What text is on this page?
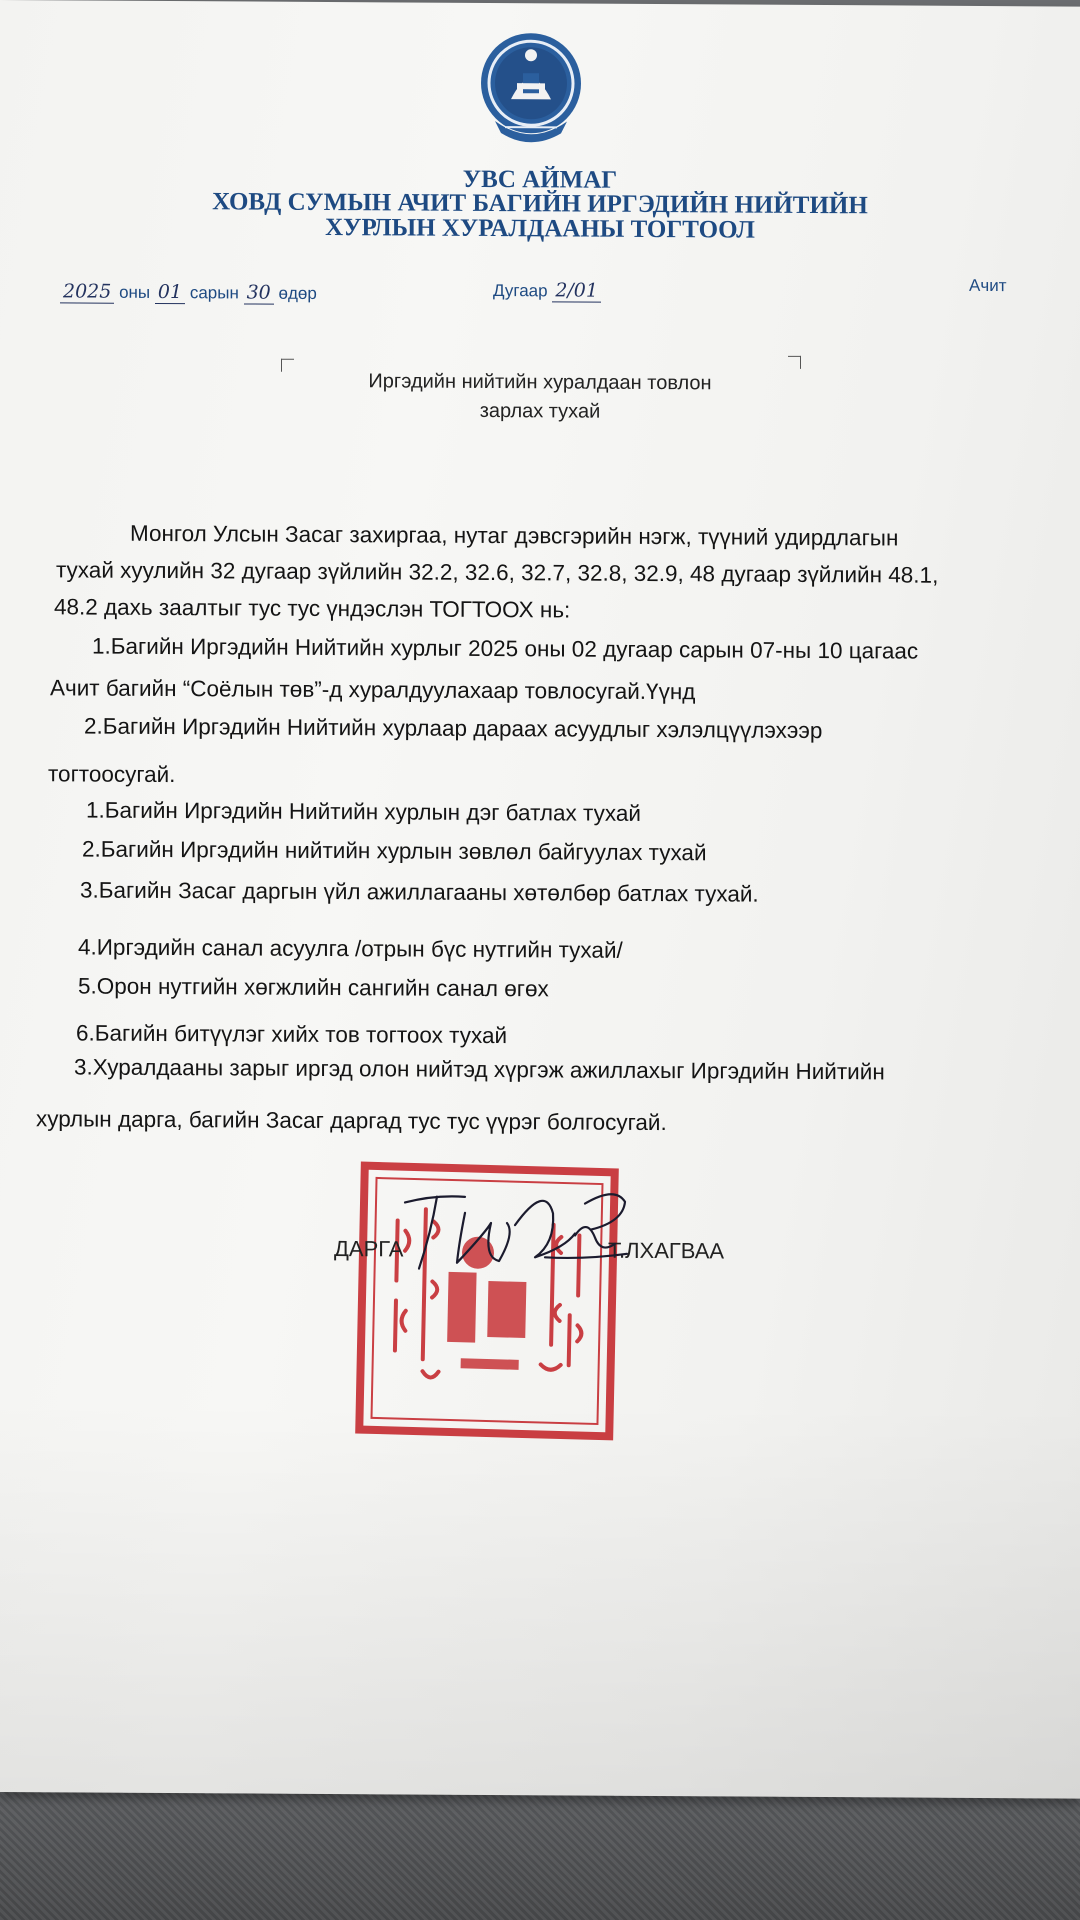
УВС АЙМАГ
ХОВД СУМЫН АЧИТ БАГИЙН ИРГЭДИЙН НИЙТИЙН
ХУРЛЫН ХУРАЛДААНЫ ТОГТООЛ
2025 оны 01 сарын 30 өдөр	Дугаар 2/01	Ачит
Иргэдийн нийтийн хуралдаан товлон
зарлах тухай
Монгол Улсын Засаг захиргаа, нутаг дэвсгэрийн нэгж, түүний удирдлагын
тухай хуулийн 32 дугаар зүйлийн 32.2, 32.6, 32.7, 32.8, 32.9, 48 дугаар зүйлийн 48.1,
48.2 дахь заалтыг тус тус үндэслэн ТОГТООХ нь:
1.Багийн Иргэдийн Нийтийн хурлыг 2025 оны 02 дугаар сарын 07-ны 10 цагаас
Ачит багийн “Соёлын төв”-д хуралдуулахаар товлосугай.Үүнд
2.Багийн Иргэдийн Нийтийн хурлаар дараах асуудлыг хэлэлцүүлэхээр
тогтоосугай.
1.Багийн Иргэдийн Нийтийн хурлын дэг батлах тухай
2.Багийн Иргэдийн нийтийн хурлын зөвлөл байгуулах тухай
3.Багийн Засаг даргын үйл ажиллагааны хөтөлбөр батлах тухай.
4.Иргэдийн санал асуулга /отрын бүс нутгийн тухай/
5.Орон нутгийн хөгжлийн сангийн санал өгөх
6.Багийн битүүлэг хийх тов тогтоох тухай
3.Хуралдааны зарыг иргэд олон нийтэд хүргэж ажиллахыг Иргэдийн Нийтийн
хурлын дарга, багийн Засаг даргад тус тус үүрэг болгосугай.
ДАРГА	Т.ЛХАГВАА
